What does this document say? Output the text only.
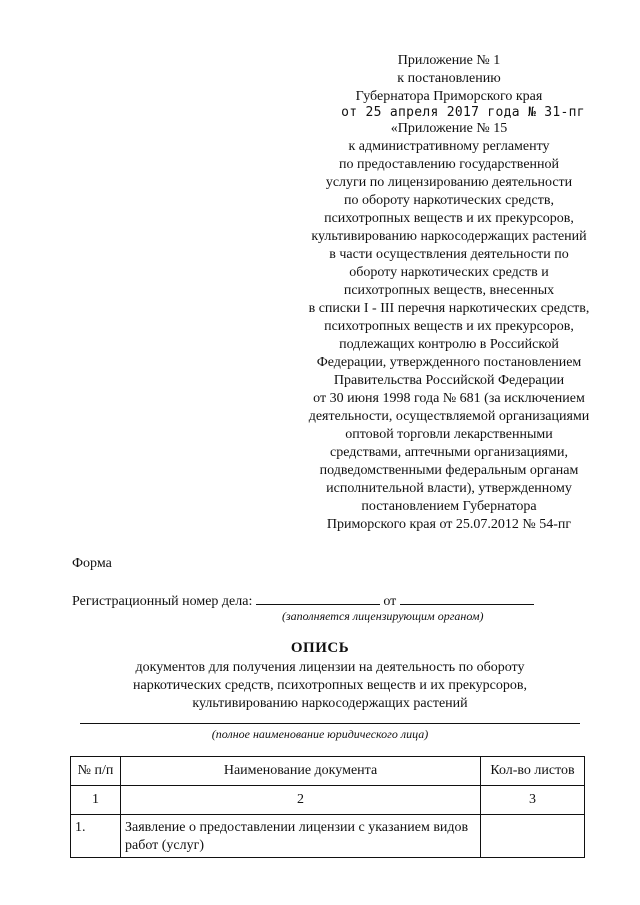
Приложение № 1
к постановлению
Губернатора Приморского края
от 25 апреля 2017 года № 31-пг
«Приложение № 15
к административному регламенту
по предоставлению государственной
услуги по лицензированию деятельности
по обороту наркотических средств,
психотропных веществ и их прекурсоров,
культивированию наркосодержащих растений
в части осуществления деятельности по
обороту наркотических средств и
психотропных веществ, внесенных
в списки I - III перечня наркотических средств,
психотропных веществ и их прекурсоров,
подлежащих контролю в Российской
Федерации, утвержденного постановлением
Правительства Российской Федерации
от 30 июня 1998 года № 681 (за исключением
деятельности, осуществляемой организациями
оптовой торговли лекарственными
средствами, аптечными организациями,
подведомственными федеральным органам
исполнительной власти), утвержденному
постановлением Губернатора
Приморского края от 25.07.2012 № 54-пг
Форма
Регистрационный номер дела:	от
(заполняется лицензирующим органом)
ОПИСЬ
документов для получения лицензии на деятельность по обороту
наркотических средств, психотропных веществ и их прекурсоров,
культивированию наркосодержащих растений
(полное наименование юридического лица)
№ п/п	Наименование документа	Кол-во листов
1	2	3
1.	Заявление о предоставлении лицензии с указанием видов работ (услуг)	
